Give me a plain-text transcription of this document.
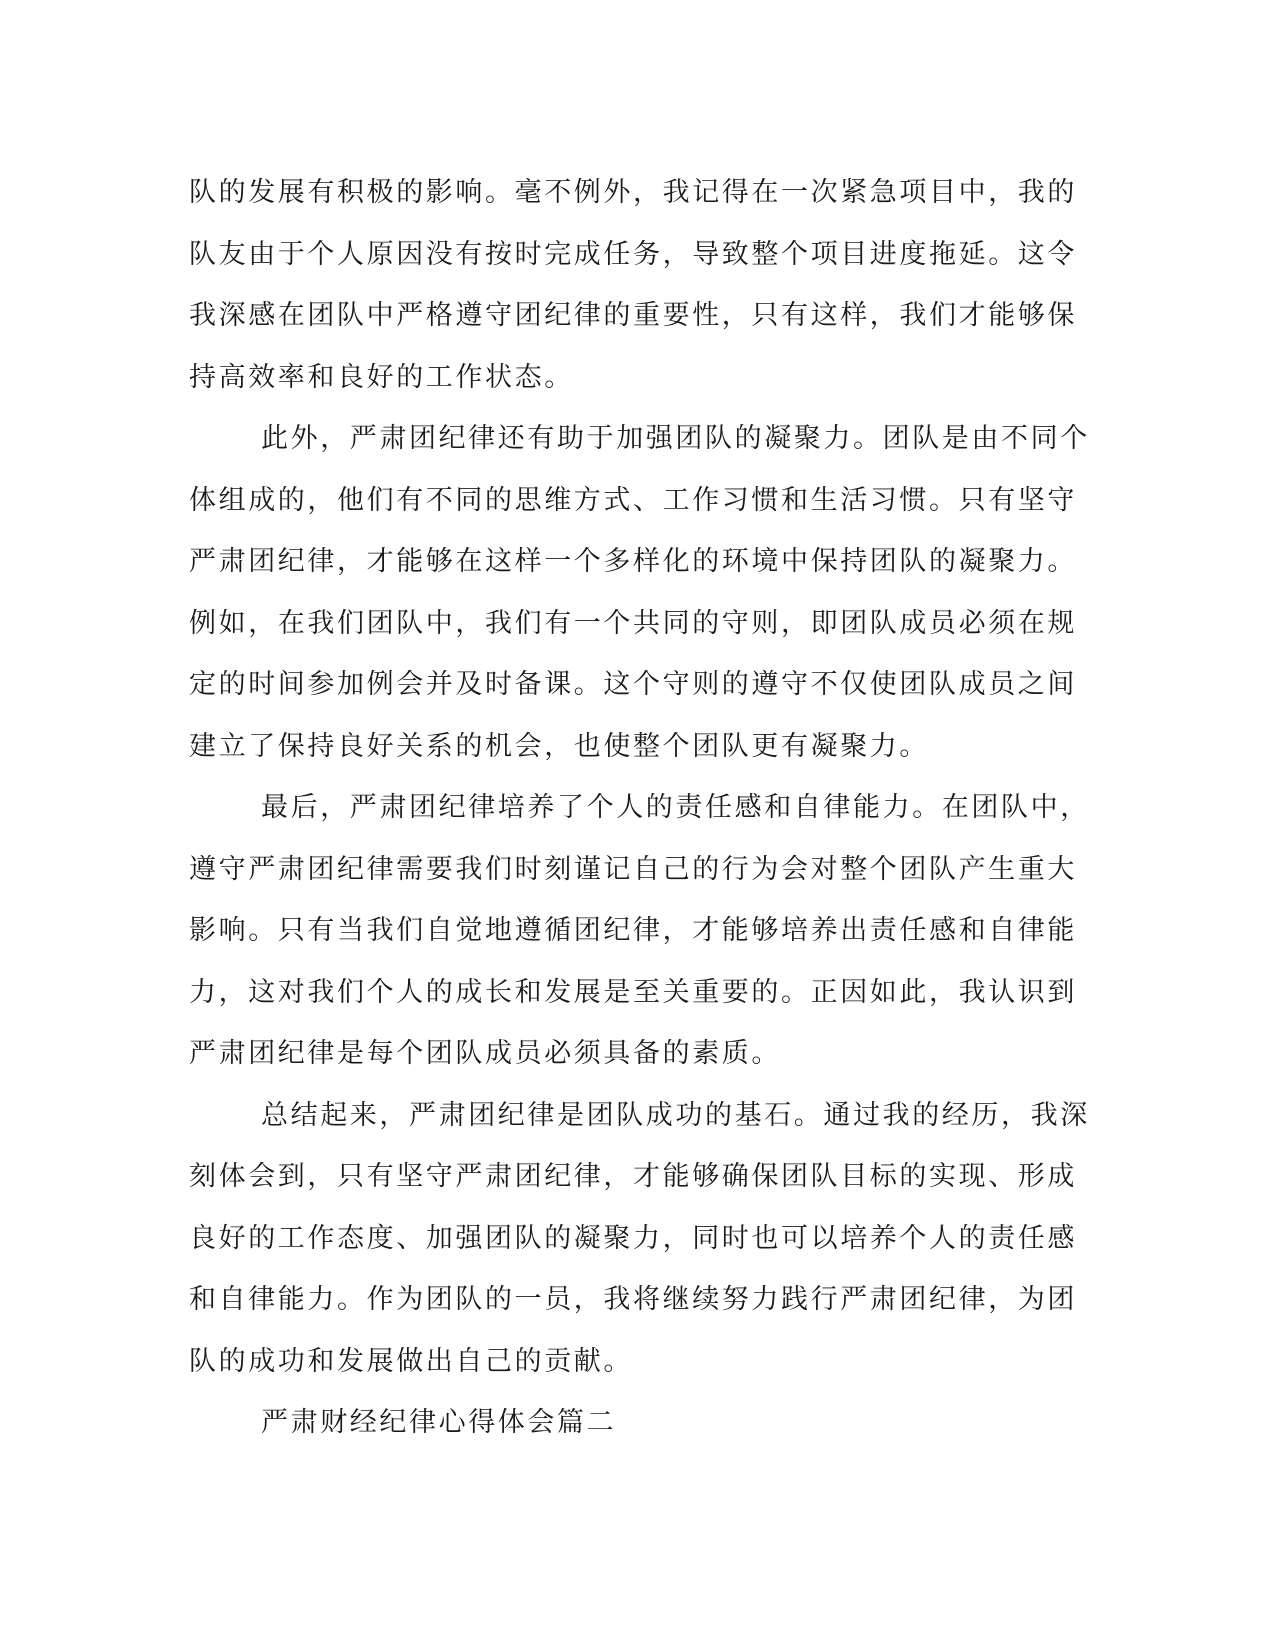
队的发展有积极的影响。毫不例外，我记得在一次紧急项目中，我的
队友由于个人原因没有按时完成任务，导致整个项目进度拖延。这令
我深感在团队中严格遵守团纪律的重要性，只有这样，我们才能够保
持高效率和良好的工作状态。
此外，严肃团纪律还有助于加强团队的凝聚力。团队是由不同个
体组成的，他们有不同的思维方式、工作习惯和生活习惯。只有坚守
严肃团纪律，才能够在这样一个多样化的环境中保持团队的凝聚力。
例如，在我们团队中，我们有一个共同的守则，即团队成员必须在规
定的时间参加例会并及时备课。这个守则的遵守不仅使团队成员之间
建立了保持良好关系的机会，也使整个团队更有凝聚力。
最后，严肃团纪律培养了个人的责任感和自律能力。在团队中，
遵守严肃团纪律需要我们时刻谨记自己的行为会对整个团队产生重大
影响。只有当我们自觉地遵循团纪律，才能够培养出责任感和自律能
力，这对我们个人的成长和发展是至关重要的。正因如此，我认识到
严肃团纪律是每个团队成员必须具备的素质。
总结起来，严肃团纪律是团队成功的基石。通过我的经历，我深
刻体会到，只有坚守严肃团纪律，才能够确保团队目标的实现、形成
良好的工作态度、加强团队的凝聚力，同时也可以培养个人的责任感
和自律能力。作为团队的一员，我将继续努力践行严肃团纪律，为团
队的成功和发展做出自己的贡献。
严肃财经纪律心得体会篇二
